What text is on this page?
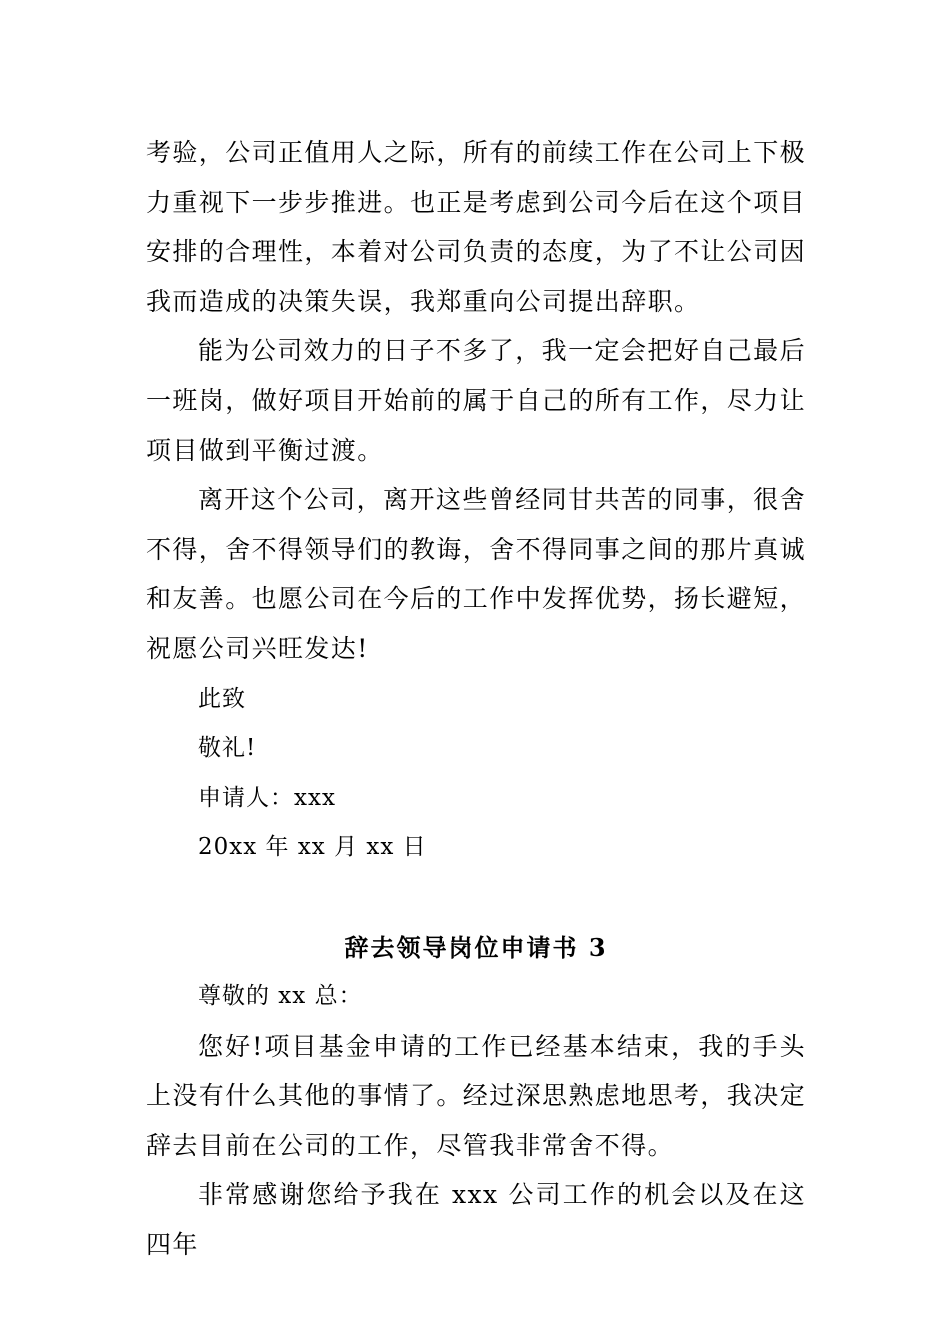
考验，公司正值用人之际，所有的前续工作在公司上下极力重视下一步步推进。也正是考虑到公司今后在这个项目安排的合理性，本着对公司负责的态度，为了不让公司因我而造成的决策失误，我郑重向公司提出辞职。

能为公司效力的日子不多了，我一定会把好自己最后一班岗，做好项目开始前的属于自己的所有工作，尽力让项目做到平衡过渡。

离开这个公司，离开这些曾经同甘共苦的同事，很舍不得，舍不得领导们的教诲，舍不得同事之间的那片真诚和友善。也愿公司在今后的工作中发挥优势，扬长避短，祝愿公司兴旺发达!

此致

敬礼!

申请人：xxx

20xx 年 xx 月 xx 日

辞去领导岗位申请书 3

尊敬的 xx 总：

您好!项目基金申请的工作已经基本结束，我的手头上没有什么其他的事情了。经过深思熟虑地思考，我决定辞去目前在公司的工作，尽管我非常舍不得。

非常感谢您给予我在 xxx 公司工作的机会以及在这四年
